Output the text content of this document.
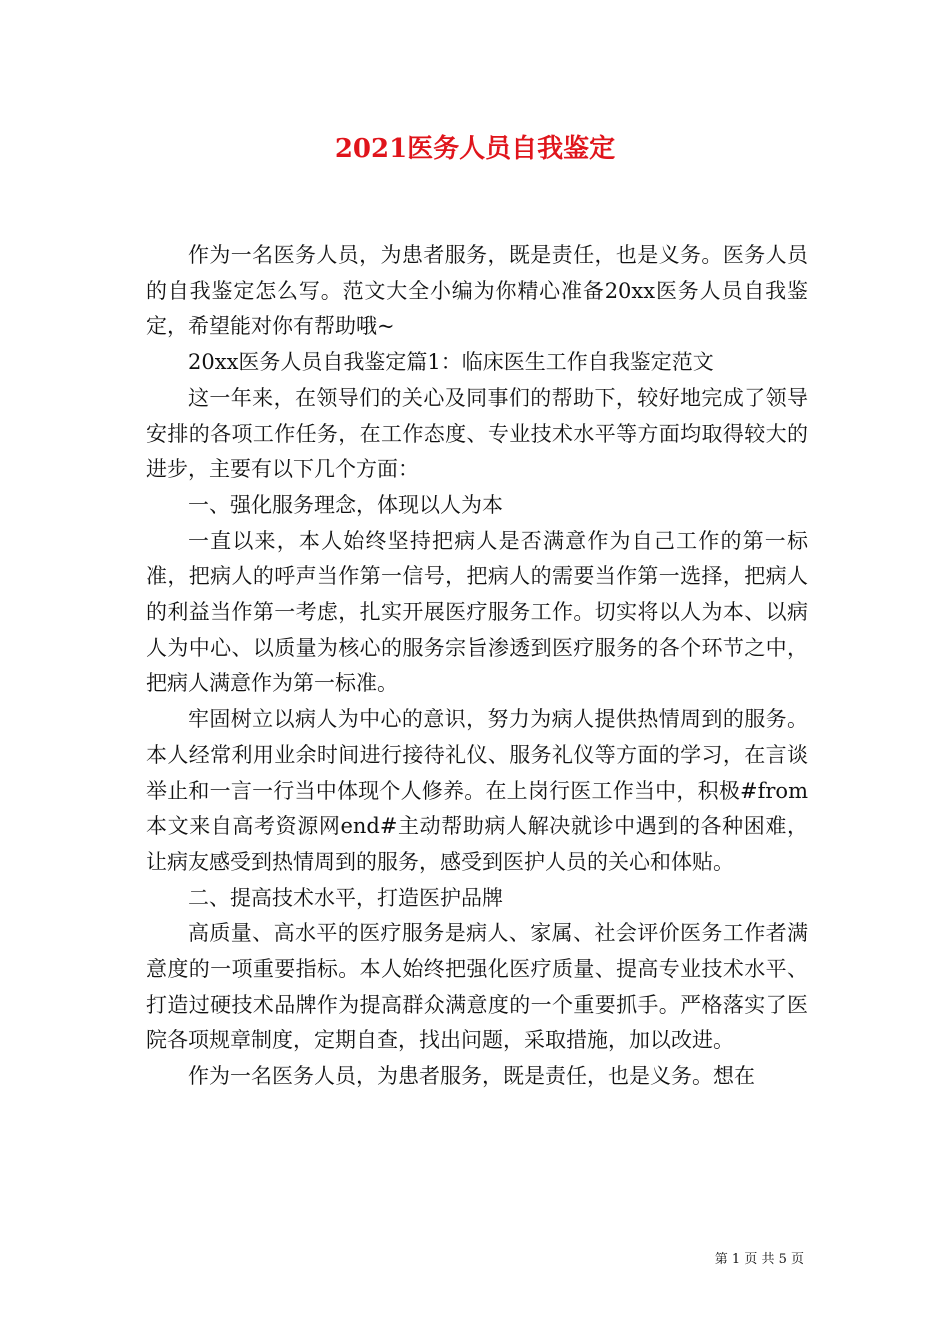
2021医务人员自我鉴定

作为一名医务人员，为患者服务，既是责任，也是义务。医务人员的自我鉴定怎么写。范文大全小编为你精心准备20xx医务人员自我鉴定，希望能对你有帮助哦~

20xx医务人员自我鉴定篇1：临床医生工作自我鉴定范文

这一年来，在领导们的关心及同事们的帮助下，较好地完成了领导安排的各项工作任务，在工作态度、专业技术水平等方面均取得较大的进步，主要有以下几个方面：

一、强化服务理念，体现以人为本

一直以来，本人始终坚持把病人是否满意作为自己工作的第一标准，把病人的呼声当作第一信号，把病人的需要当作第一选择，把病人的利益当作第一考虑，扎实开展医疗服务工作。切实将以人为本、以病人为中心、以质量为核心的服务宗旨渗透到医疗服务的各个环节之中，把病人满意作为第一标准。

牢固树立以病人为中心的意识，努力为病人提供热情周到的服务。本人经常利用业余时间进行接待礼仪、服务礼仪等方面的学习，在言谈举止和一言一行当中体现个人修养。在上岗行医工作当中，积极#from本文来自高考资源网end#主动帮助病人解决就诊中遇到的各种困难，让病友感受到热情周到的服务，感受到医护人员的关心和体贴。

二、提高技术水平，打造医护品牌

高质量、高水平的医疗服务是病人、家属、社会评价医务工作者满意度的一项重要指标。本人始终把强化医疗质量、提高专业技术水平、打造过硬技术品牌作为提高群众满意度的一个重要抓手。严格落实了医院各项规章制度，定期自查，找出问题，采取措施，加以改进。

作为一名医务人员，为患者服务，既是责任，也是义务。想在

第 1 页 共 5 页
